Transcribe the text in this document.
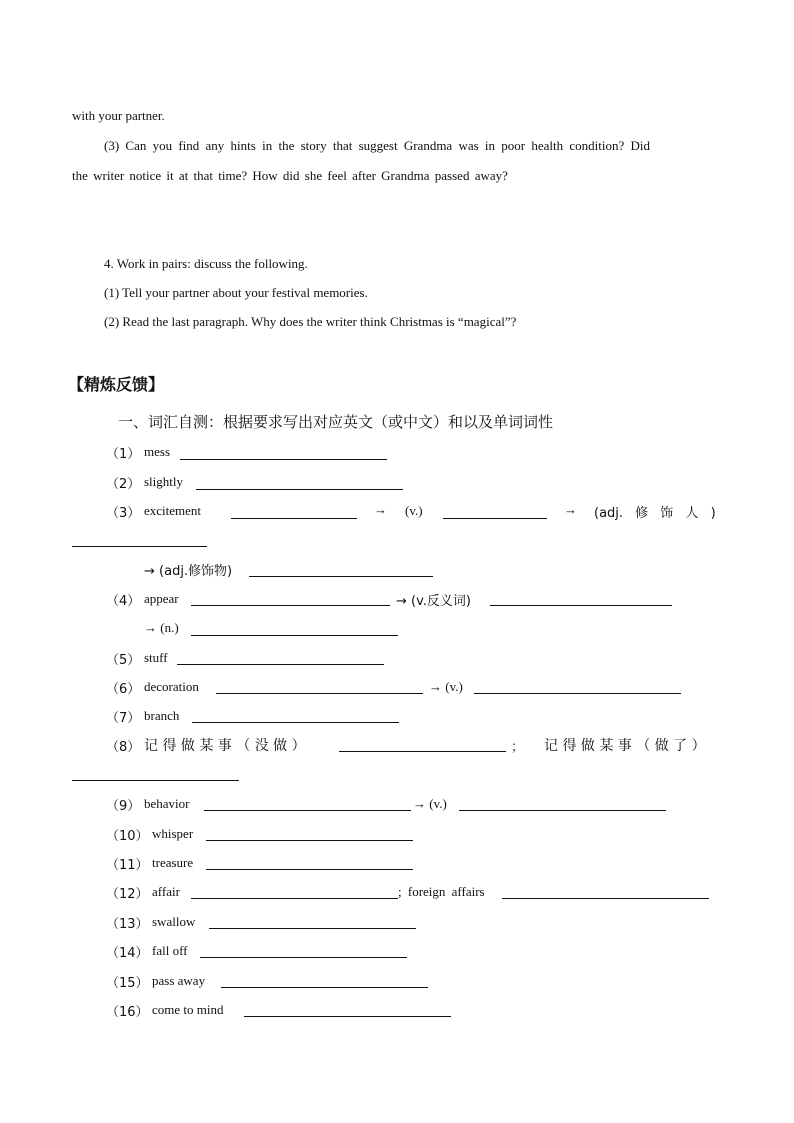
with your partner.
(3) Can you find any hints in the story that suggest Grandma was in poor health condition? Did
the writer notice it at that time? How did she feel after Grandma passed away?
4. Work in pairs: discuss the following.
(1) Tell your partner about your festival memories.
(2) Read the last paragraph. Why does the writer think Christmas is “magical”?
【精炼反馈】
一、词汇自测：根据要求写出对应英文（或中文）和以及单词词性
（1） mess
（2） slightly
（3） excitement	→ (v.)	→ (adj. 修 饰 人 )
→ (adj.修饰物)
（4） appear	→ (v.反义词)
→ (n.)
（5） stuff
（6） decoration	→ (v.)
（7） branch
（8） 记 得 做 某 事 （ 没 做 ）	； 记 得 做 某 事 （ 做 了 ）
（9） behavior	→ (v.)
（10） whisper
（11） treasure
（12） affair	; foreign affairs
（13） swallow
（14） fall off
（15） pass away
（16） come to mind
